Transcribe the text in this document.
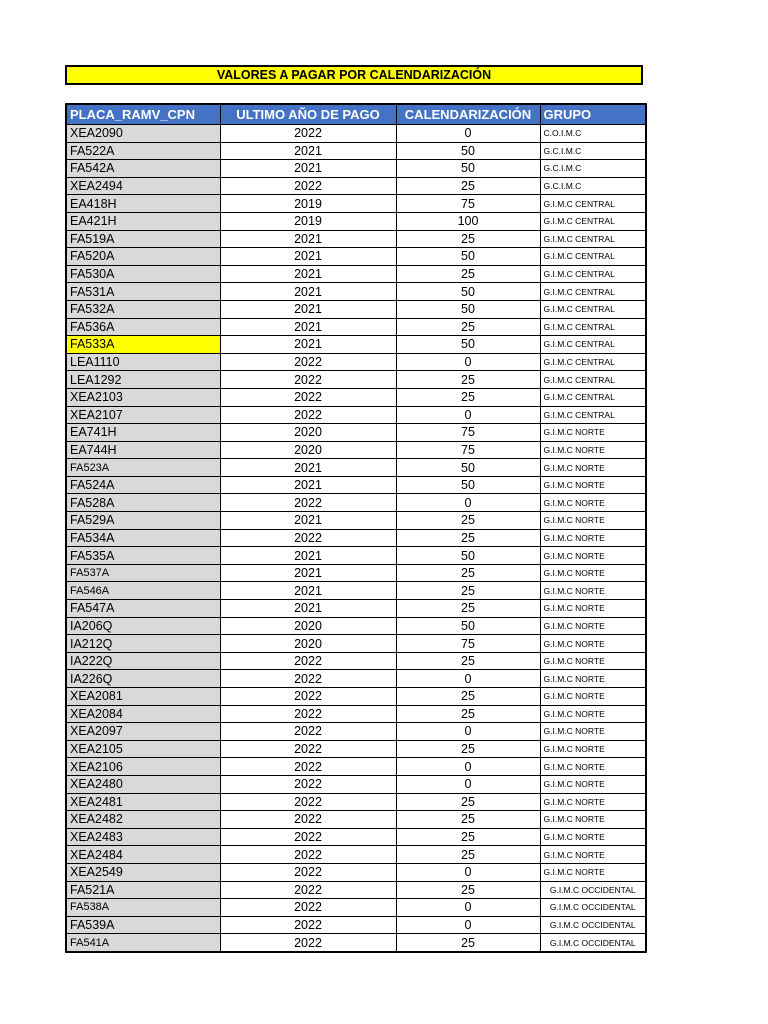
VALORES A PAGAR POR CALENDARIZACIÓN
PLACA_RAMV_CPN	ULTIMO AÑO DE PAGO	CALENDARIZACIÓN	GRUPO
XEA2090	2022	0	C.O.I.M.C
FA522A	2021	50	G.C.I.M.C
FA542A	2021	50	G.C.I.M.C
XEA2494	2022	25	G.C.I.M.C
EA418H	2019	75	G.I.M.C CENTRAL
EA421H	2019	100	G.I.M.C CENTRAL
FA519A	2021	25	G.I.M.C CENTRAL
FA520A	2021	50	G.I.M.C CENTRAL
FA530A	2021	25	G.I.M.C CENTRAL
FA531A	2021	50	G.I.M.C CENTRAL
FA532A	2021	50	G.I.M.C CENTRAL
FA536A	2021	25	G.I.M.C CENTRAL
FA533A	2021	50	G.I.M.C CENTRAL
LEA1110	2022	0	G.I.M.C CENTRAL
LEA1292	2022	25	G.I.M.C CENTRAL
XEA2103	2022	25	G.I.M.C CENTRAL
XEA2107	2022	0	G.I.M.C CENTRAL
EA741H	2020	75	G.I.M.C NORTE
EA744H	2020	75	G.I.M.C NORTE
FA523A	2021	50	G.I.M.C NORTE
FA524A	2021	50	G.I.M.C NORTE
FA528A	2022	0	G.I.M.C NORTE
FA529A	2021	25	G.I.M.C NORTE
FA534A	2022	25	G.I.M.C NORTE
FA535A	2021	50	G.I.M.C NORTE
FA537A	2021	25	G.I.M.C NORTE
FA546A	2021	25	G.I.M.C NORTE
FA547A	2021	25	G.I.M.C NORTE
IA206Q	2020	50	G.I.M.C NORTE
IA212Q	2020	75	G.I.M.C NORTE
IA222Q	2022	25	G.I.M.C NORTE
IA226Q	2022	0	G.I.M.C NORTE
XEA2081	2022	25	G.I.M.C NORTE
XEA2084	2022	25	G.I.M.C NORTE
XEA2097	2022	0	G.I.M.C NORTE
XEA2105	2022	25	G.I.M.C NORTE
XEA2106	2022	0	G.I.M.C NORTE
XEA2480	2022	0	G.I.M.C NORTE
XEA2481	2022	25	G.I.M.C NORTE
XEA2482	2022	25	G.I.M.C NORTE
XEA2483	2022	25	G.I.M.C NORTE
XEA2484	2022	25	G.I.M.C NORTE
XEA2549	2022	0	G.I.M.C NORTE
FA521A	2022	25	G.I.M.C OCCIDENTAL
FA538A	2022	0	G.I.M.C OCCIDENTAL
FA539A	2022	0	G.I.M.C OCCIDENTAL
FA541A	2022	25	G.I.M.C OCCIDENTAL
